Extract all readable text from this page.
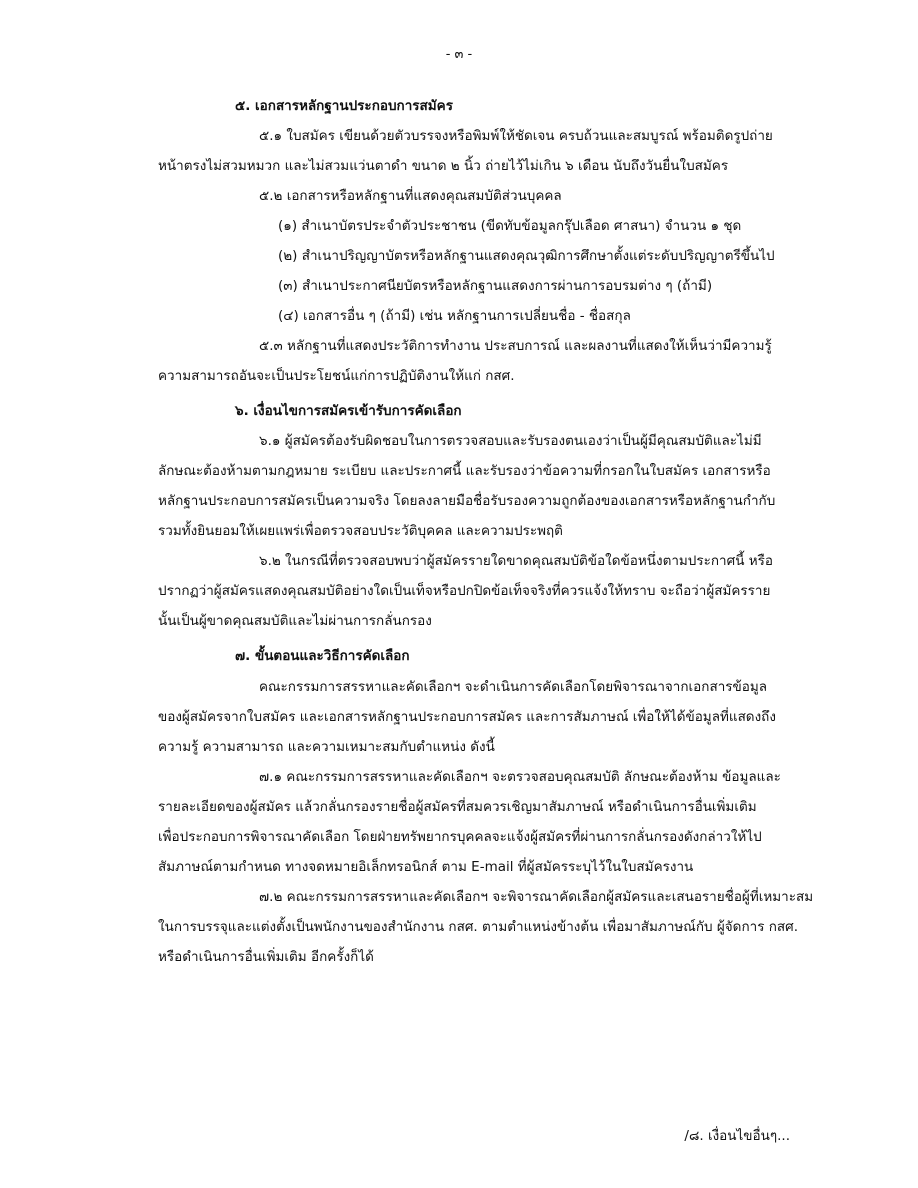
- ๓ -
๕. เอกสารหลักฐานประกอบการสมัคร
๕.๑ ใบสมัคร เขียนด้วยตัวบรรจงหรือพิมพ์ให้ชัดเจน ครบถ้วนและสมบูรณ์ พร้อมติดรูปถ่าย
หน้าตรงไม่สวมหมวก และไม่สวมแว่นตาดำ ขนาด ๒ นิ้ว ถ่ายไว้ไม่เกิน ๖ เดือน นับถึงวันยื่นใบสมัคร
๕.๒ เอกสารหรือหลักฐานที่แสดงคุณสมบัติส่วนบุคคล
(๑) สำเนาบัตรประจำตัวประชาชน (ขีดทับข้อมูลกรุ๊ปเลือด ศาสนา) จำนวน ๑ ชุด
(๒) สำเนาปริญญาบัตรหรือหลักฐานแสดงคุณวุฒิการศึกษาตั้งแต่ระดับปริญญาตรีขึ้นไป
(๓) สำเนาประกาศนียบัตรหรือหลักฐานแสดงการผ่านการอบรมต่าง ๆ (ถ้ามี)
(๔) เอกสารอื่น ๆ (ถ้ามี) เช่น หลักฐานการเปลี่ยนชื่อ - ชื่อสกุล
๕.๓ หลักฐานที่แสดงประวัติการทำงาน ประสบการณ์ และผลงานที่แสดงให้เห็นว่ามีความรู้
ความสามารถอันจะเป็นประโยชน์แก่การปฏิบัติงานให้แก่ กสศ.
๖. เงื่อนไขการสมัครเข้ารับการคัดเลือก
๖.๑ ผู้สมัครต้องรับผิดชอบในการตรวจสอบและรับรองตนเองว่าเป็นผู้มีคุณสมบัติและไม่มี
ลักษณะต้องห้ามตามกฎหมาย ระเบียบ และประกาศนี้ และรับรองว่าข้อความที่กรอกในใบสมัคร เอกสารหรือ
หลักฐานประกอบการสมัครเป็นความจริง โดยลงลายมือชื่อรับรองความถูกต้องของเอกสารหรือหลักฐานกำกับ
รวมทั้งยินยอมให้เผยแพร่เพื่อตรวจสอบประวัติบุคคล และความประพฤติ
๖.๒ ในกรณีที่ตรวจสอบพบว่าผู้สมัครรายใดขาดคุณสมบัติข้อใดข้อหนึ่งตามประกาศนี้ หรือ
ปรากฏว่าผู้สมัครแสดงคุณสมบัติอย่างใดเป็นเท็จหรือปกปิดข้อเท็จจริงที่ควรแจ้งให้ทราบ จะถือว่าผู้สมัครราย
นั้นเป็นผู้ขาดคุณสมบัติและไม่ผ่านการกลั่นกรอง
๗. ขั้นตอนและวิธีการคัดเลือก
คณะกรรมการสรรหาและคัดเลือกฯ จะดำเนินการคัดเลือกโดยพิจารณาจากเอกสารข้อมูล
ของผู้สมัครจากใบสมัคร และเอกสารหลักฐานประกอบการสมัคร และการสัมภาษณ์ เพื่อให้ได้ข้อมูลที่แสดงถึง
ความรู้ ความสามารถ และความเหมาะสมกับตำแหน่ง ดังนี้
๗.๑ คณะกรรมการสรรหาและคัดเลือกฯ จะตรวจสอบคุณสมบัติ ลักษณะต้องห้าม ข้อมูลและ
รายละเอียดของผู้สมัคร แล้วกลั่นกรองรายชื่อผู้สมัครที่สมควรเชิญมาสัมภาษณ์ หรือดำเนินการอื่นเพิ่มเติม
เพื่อประกอบการพิจารณาคัดเลือก โดยฝ่ายทรัพยากรบุคคลจะแจ้งผู้สมัครที่ผ่านการกลั่นกรองดังกล่าวให้ไป
สัมภาษณ์ตามกำหนด ทางจดหมายอิเล็กทรอนิกส์ ตาม E-mail ที่ผู้สมัครระบุไว้ในใบสมัครงาน
๗.๒ คณะกรรมการสรรหาและคัดเลือกฯ จะพิจารณาคัดเลือกผู้สมัครและเสนอรายชื่อผู้ที่เหมาะสม
ในการบรรจุและแต่งตั้งเป็นพนักงานของสำนักงาน กสศ. ตามตำแหน่งข้างต้น เพื่อมาสัมภาษณ์กับ ผู้จัดการ กสศ.
หรือดำเนินการอื่นเพิ่มเติม อีกครั้งก็ได้
/๘. เงื่อนไขอื่นๆ...
